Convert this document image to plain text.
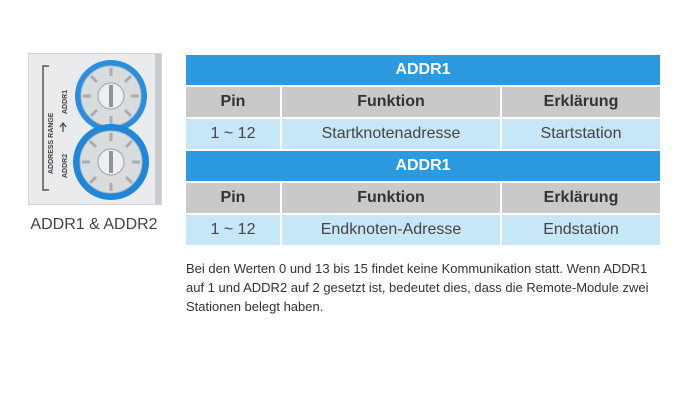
ADDRESS RANGE
ADDR1
ADDR2
ADDR1 & ADDR2
ADDR1		
Pin	Funktion	Erklärung
1 ~ 12	Startknotenadresse	Startstation
ADDR1		
Pin	Funktion	Erklärung
1 ~ 12	Endknoten-Adresse	Endstation
Bei den Werten 0 und 13 bis 15 findet keine Kommunikation statt. Wenn ADDR1 auf 1 und ADDR2 auf 2 gesetzt ist, bedeutet dies, dass die Remote-Module zwei Stationen belegt haben.
